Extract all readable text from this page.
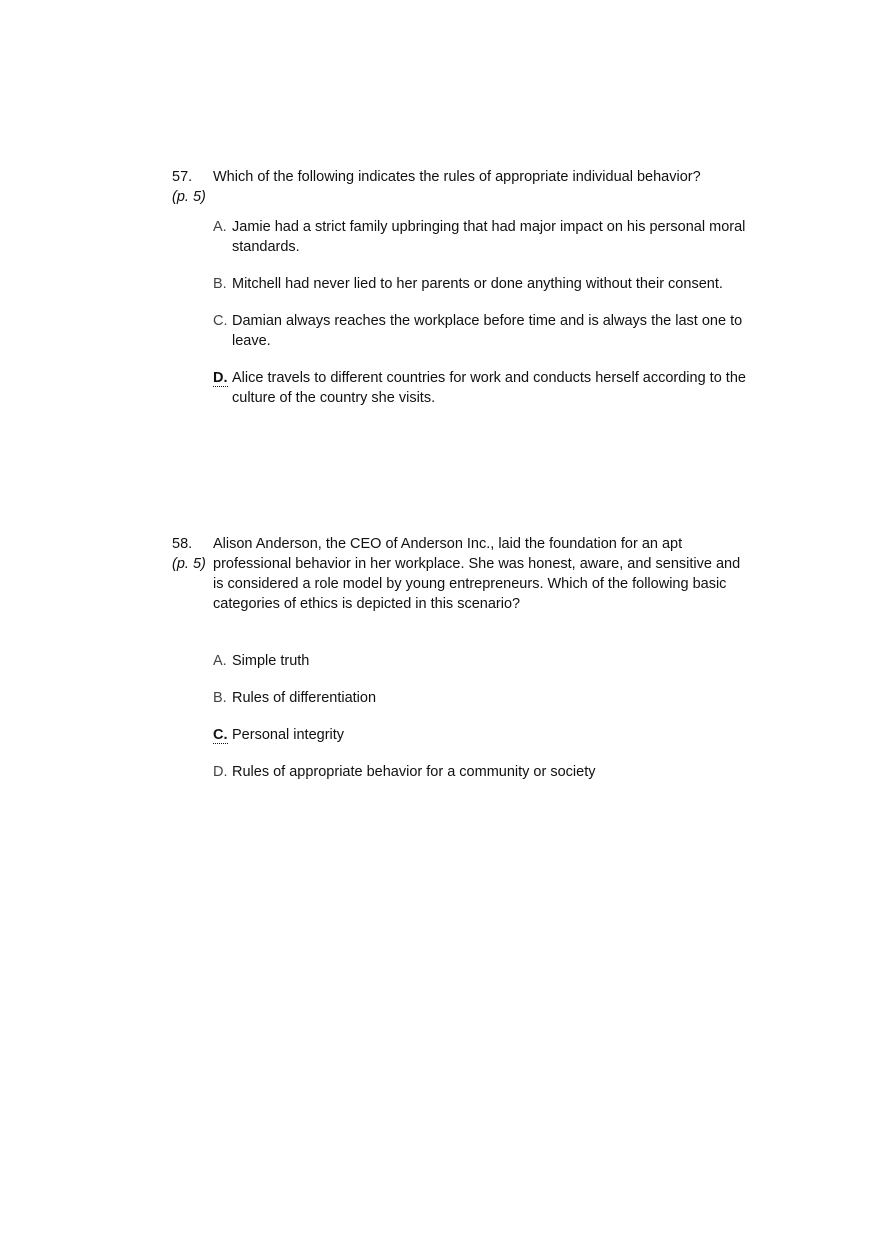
57.
(p. 5)
Which of the following indicates the rules of appropriate individual behavior?
A. Jamie had a strict family upbringing that had major impact on his personal moral standards.
B. Mitchell had never lied to her parents or done anything without their consent.
C. Damian always reaches the workplace before time and is always the last one to leave.
D. Alice travels to different countries for work and conducts herself according to the culture of the country she visits.
58.
(p. 5)
Alison Anderson, the CEO of Anderson Inc., laid the foundation for an apt professional behavior in her workplace. She was honest, aware, and sensitive and is considered a role model by young entrepreneurs. Which of the following basic categories of ethics is depicted in this scenario?
A. Simple truth
B. Rules of differentiation
C. Personal integrity
D. Rules of appropriate behavior for a community or society
